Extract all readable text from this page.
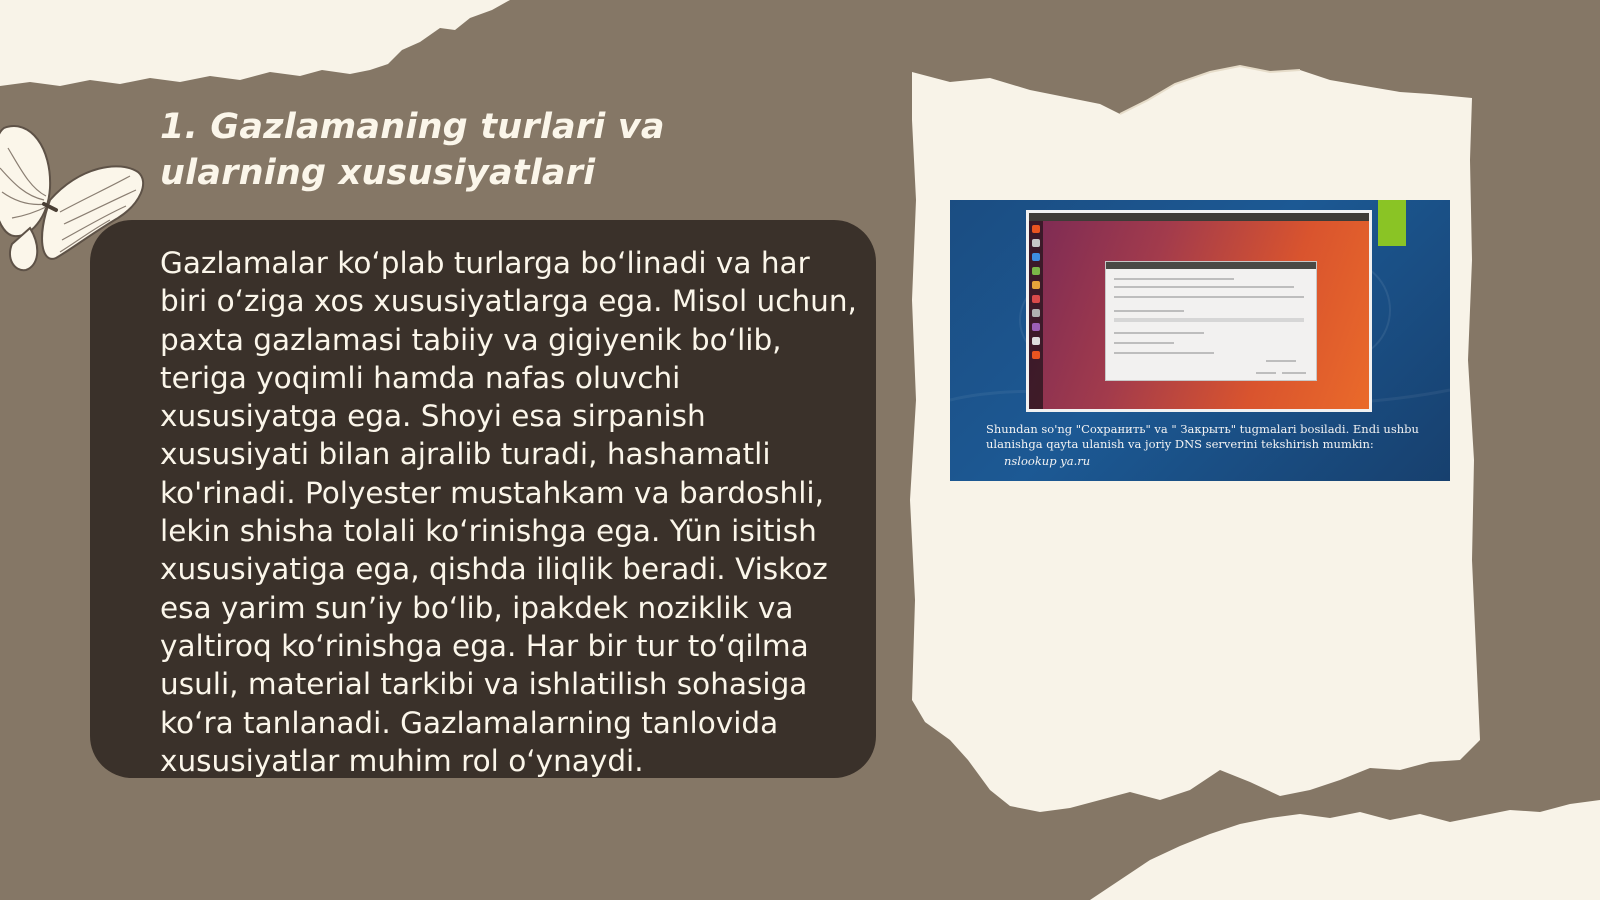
1. Gazlamaning turlari va ularning xususiyatlari

Gazlamalar ko‘plab turlarga bo‘linadi va har biri o‘ziga xos xususiyatlarga ega. Misol uchun, paxta gazlamasi tabiiy va gigiyenik bo‘lib, teriga yoqimli hamda nafas oluvchi xususiyatga ega. Shoyi esa sirpanish xususiyati bilan ajralib turadi, hashamatli ko'rinadi. Polyester mustahkam va bardoshli, lekin shisha tolali ko‘rinishga ega. Yün isitish xususiyatiga ega, qishda iliqlik beradi. Viskoz esa yarim sun’iy bo‘lib, ipakdek noziklik va yaltiroq ko‘rinishga ega. Har bir tur to‘qilma usuli, material tarkibi va ishlatilish sohasiga ko‘ra tanlanadi. Gazlamalarning tanlovida xususiyatlar muhim rol o‘ynaydi.

Shundan so'ng "Сохранить" va " Закрыть" tugmalari bosiladi. Endi ushbu ulanishga qayta ulanish va joriy DNS serverini tekshirish mumkin:

nslookup ya.ru
